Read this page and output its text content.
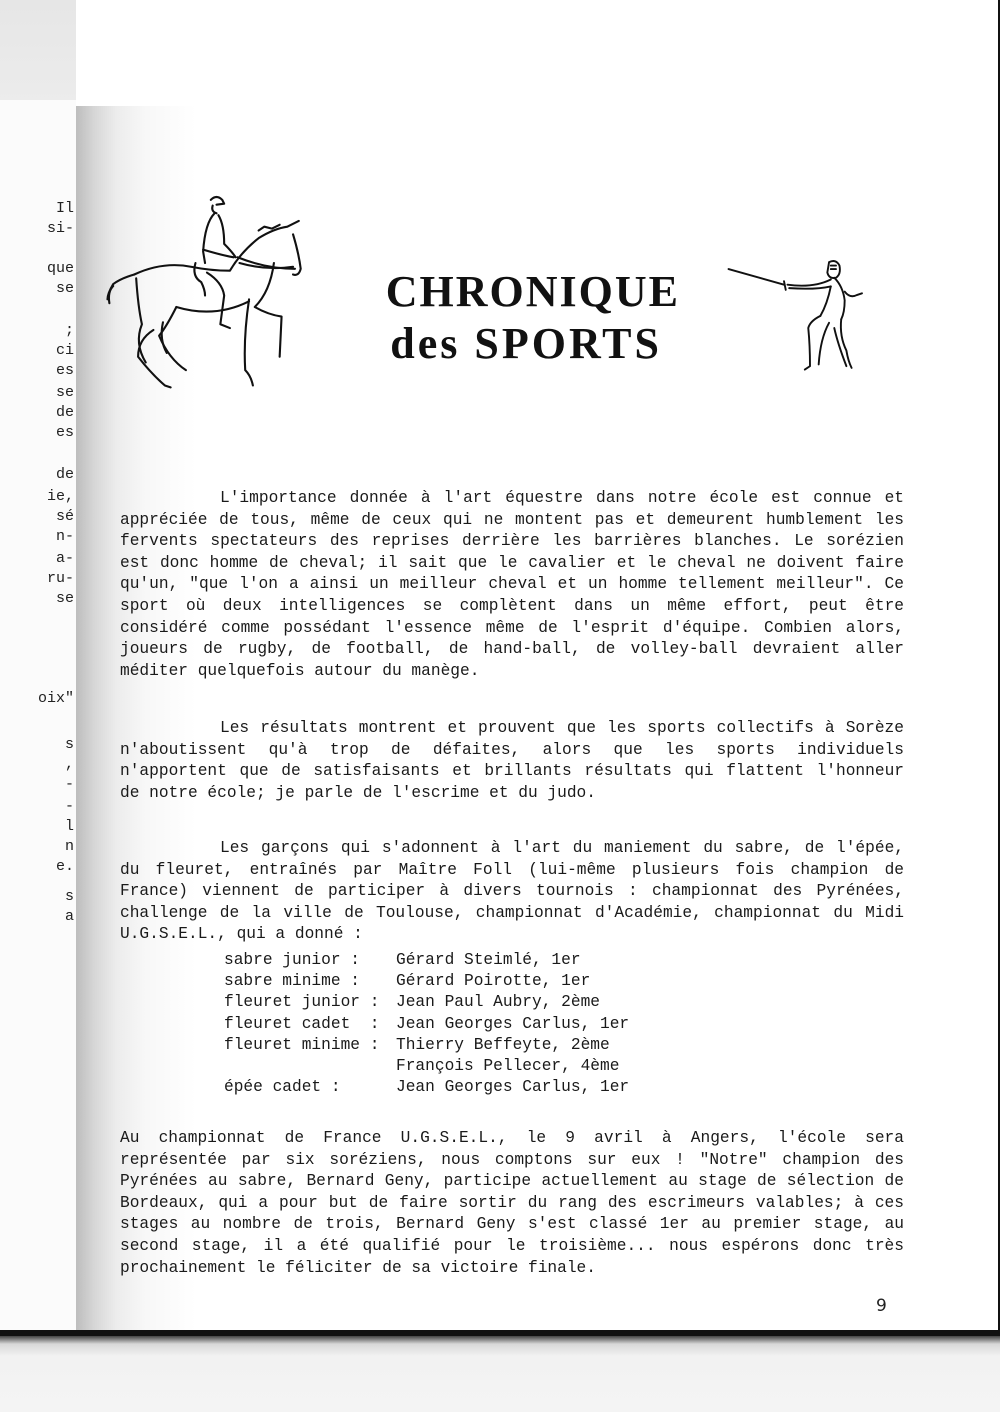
Il
si-
que
se
;
ci
es
se
de
es
de
ie,
sé
n-
a-
ru-
se
oix"
s
,
-
-
l
n
e.
s
a
CHRONIQUE
des SPORTS

L'importance donnée à l'art équestre dans notre école est connue et appréciée de tous, même de ceux qui ne montent pas et demeurent humblement les fervents spectateurs des reprises derrière les barrières blanches. Le sorézien est donc homme de cheval; il sait que le cavalier et le cheval ne doivent faire qu'un, "que l'on a ainsi un meilleur cheval et un homme tellement meilleur". Ce sport où deux intelligences se complètent dans un même effort, peut être considéré comme possédant l'essence même de l'esprit d'équipe. Combien alors, joueurs de rugby, de football, de hand-ball, de volley-ball devraient aller méditer quelquefois autour du manège.

Les résultats montrent et prouvent que les sports collectifs à Sorèze n'aboutissent qu'à trop de défaites, alors que les sports individuels n'apportent que de satisfaisants et brillants résultats qui flattent l'honneur de notre école; je parle de l'escrime et du judo.

Les garçons qui s'adonnent à l'art du maniement du sabre, de l'épée, du fleuret, entraînés par Maître Foll (lui-même plusieurs fois champion de France) viennent de participer à divers tournois : championnat des Pyrénées, challenge de la ville de Toulouse, championnat d'Académie, championnat du Midi U.G.S.E.L., qui a donné :

sabre junior :	Gérard Steimlé, 1er
sabre minime :	Gérard Poirotte, 1er
fleuret junior :	Jean Paul Aubry, 2ème
fleuret cadet  :	Jean Georges Carlus, 1er
fleuret minime :	Thierry Beffeyte, 2ème
François Pellecer, 4ème
épée cadet :	Jean Georges Carlus, 1er

Au championnat de France U.G.S.E.L., le 9 avril à Angers, l'école sera représentée par six soréziens, nous comptons sur eux ! "Notre" champion des Pyrénées au sabre, Bernard Geny, participe actuellement au stage de sélection de Bordeaux, qui a pour but de faire sortir du rang des escrimeurs valables; à ces stages au nombre de trois, Bernard Geny s'est classé 1er au premier stage, au second stage, il a été qualifié pour le troisième... nous espérons donc très prochainement le féliciter de sa victoire finale.

9
